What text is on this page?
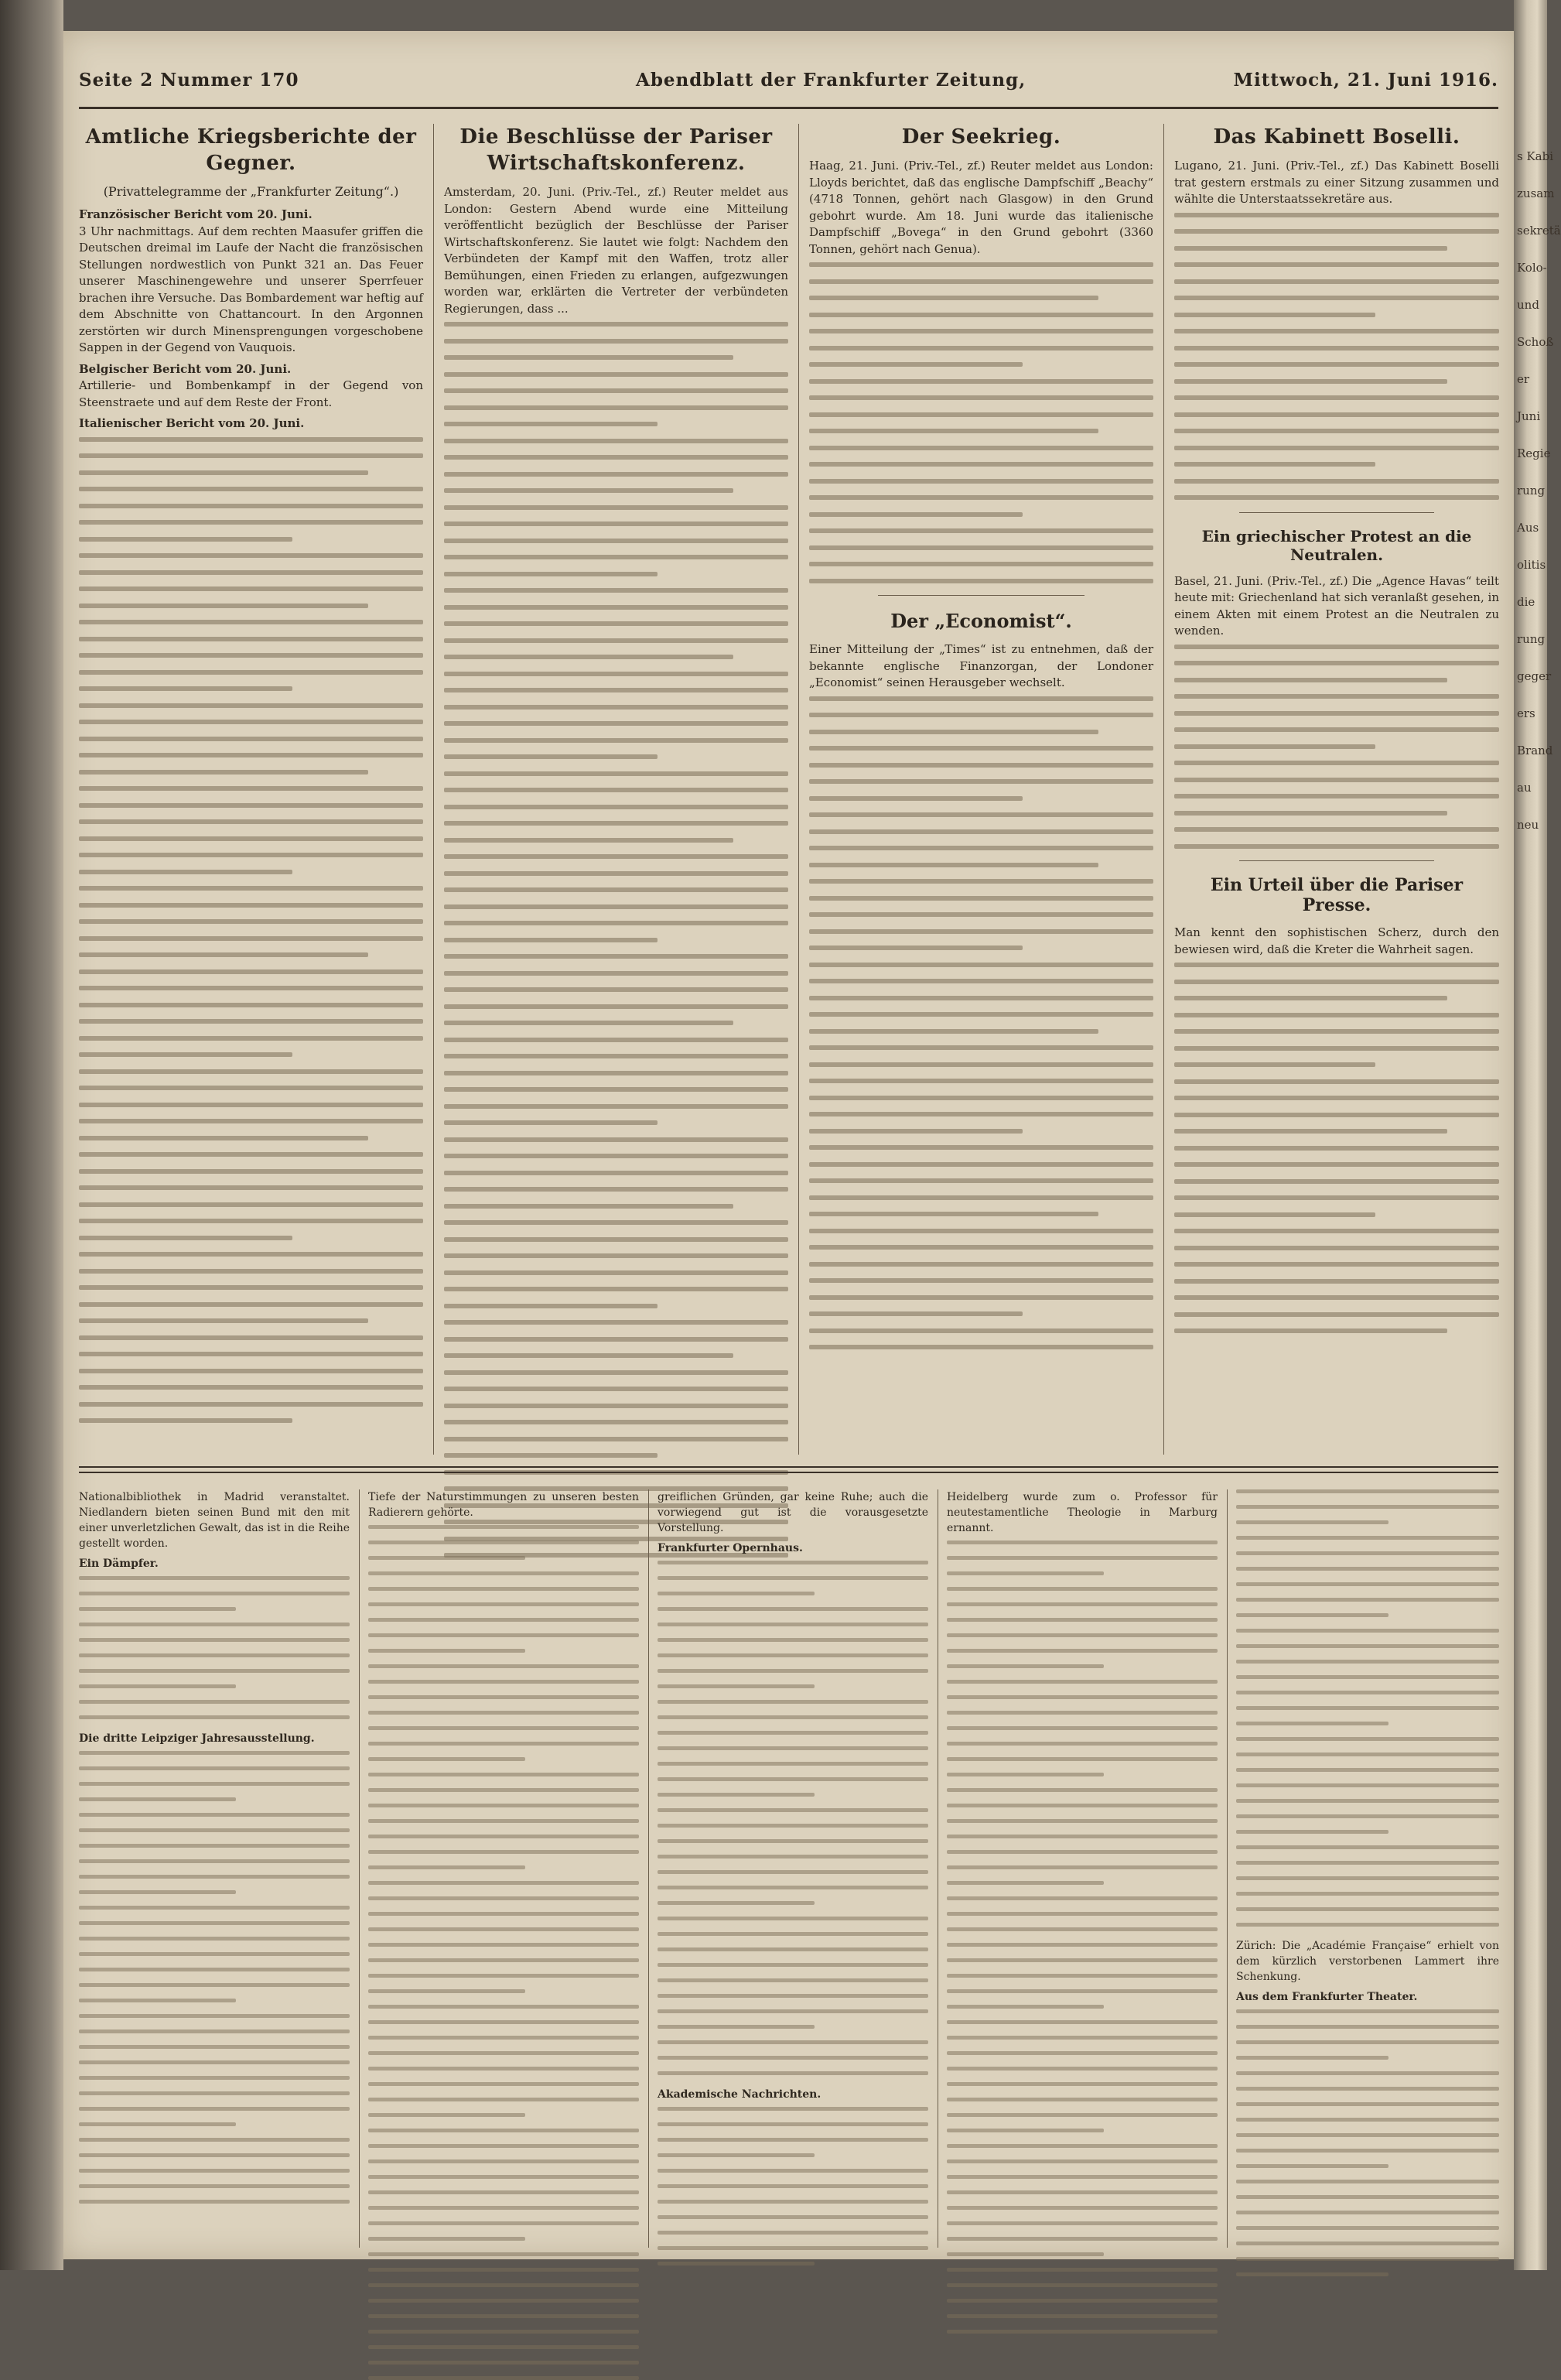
Seite 2 Nummer 170	Abendblatt der Frankfurter Zeitung,	Mittwoch, 21. Juni 1916.
Amtliche Kriegsberichte der Gegner.
(Privattelegramme der „Frankfurter Zeitung“.)

Französischer Bericht vom 20. Juni.

3 Uhr nachmittags. Auf dem rechten Maasufer griffen die Deutschen dreimal im Laufe der Nacht die französischen Stellungen nordwestlich von Punkt 321 an. Das Feuer unserer Maschinengewehre und unserer Sperrfeuer brachen ihre Versuche. Das Bombardement war heftig auf dem Abschnitte von Chattancourt. In den Argonnen zerstörten wir durch Minensprengungen vorgeschobene Sappen in der Gegend von Vauquois.

Belgischer Bericht vom 20. Juni.

Artillerie- und Bombenkampf in der Gegend von Steenstraete und auf dem Reste der Front.

Italienischer Bericht vom 20. Juni.

Die Beschlüsse der Pariser Wirtschaftskonferenz.

Amsterdam, 20. Juni. (Priv.-Tel., zf.) Reuter meldet aus London: Gestern Abend wurde eine Mitteilung veröffentlicht bezüglich der Beschlüsse der Pariser Wirtschaftskonferenz. Sie lautet wie folgt: Nachdem den Verbündeten der Kampf mit den Waffen, trotz aller Bemühungen, einen Frieden zu erlangen, aufgezwungen worden war, erklärten die Vertreter der verbündeten Regierungen, dass ...

Der Seekrieg.

Haag, 21. Juni. (Priv.-Tel., zf.) Reuter meldet aus London: Lloyds berichtet, daß das englische Dampfschiff „Beachy“ (4718 Tonnen, gehört nach Glasgow) in den Grund gebohrt wurde. Am 18. Juni wurde das italienische Dampfschiff „Bovega“ in den Grund gebohrt (3360 Tonnen, gehört nach Genua).

Der „Economist“.

Einer Mitteilung der „Times“ ist zu entnehmen, daß der bekannte englische Finanzorgan, der Londoner „Economist“ seinen Herausgeber wechselt.

Das Kabinett Boselli.

Lugano, 21. Juni. (Priv.-Tel., zf.) Das Kabinett Boselli trat gestern erstmals zu einer Sitzung zusammen und wählte die Unterstaatssekretäre aus.

Ein griechischer Protest an die Neutralen.

Basel, 21. Juni. (Priv.-Tel., zf.) Die „Agence Havas“ teilt heute mit: Griechenland hat sich veranlaßt gesehen, in einem Akten mit einem Protest an die Neutralen zu wenden.

Ein Urteil über die Pariser Presse.

Man kennt den sophistischen Scherz, durch den bewiesen wird, daß die Kreter die Wahrheit sagen.

Nationalbibliothek in Madrid veranstaltet. Niedlandern bieten seinen Bund mit den mit einer unverletzlichen Gewalt, das ist in die Reihe gestellt worden.

Ein Dämpfer.

Die dritte Leipziger Jahresausstellung.

Tiefe der Naturstimmungen zu unseren besten Radierern gehörte.

greiflichen Gründen, gar keine Ruhe; auch die vorwiegend gut ist die vorausgesetzte Vorstellung.

Frankfurter Opernhaus.

Akademische Nachrichten.

Heidelberg wurde zum o. Professor für neutestamentliche Theologie in Marburg ernannt.

Zürich: Die „Académie Française“ erhielt von dem kürzlich verstorbenen Lammert ihre Schenkung.

Aus dem Frankfurter Theater.

s Kabi
zusam
sekretä
Kolo-
und
Schoß
er
Juni
Regie
rung
Aus
olitis
die
rung
geger
ers
Brand
au
neu
